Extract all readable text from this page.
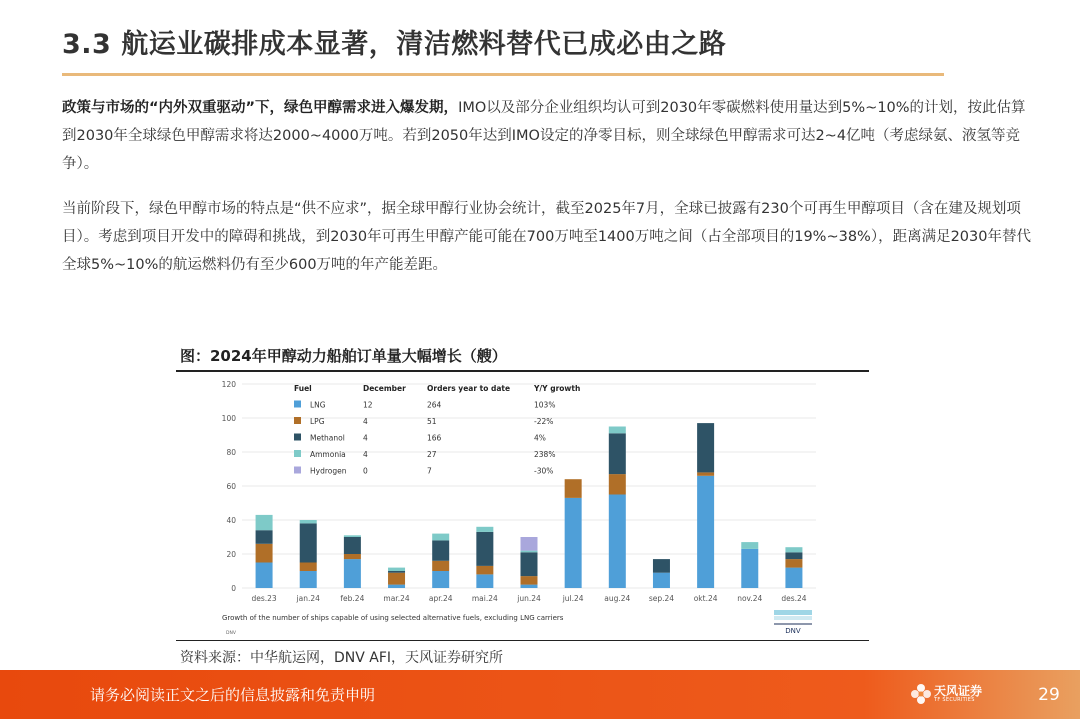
3.3 航运业碳排成本显著，清洁燃料替代已成必由之路
政策与市场的“内外双重驱动”下，绿色甲醇需求进入爆发期，IMO以及部分企业组织均认可到2030年零碳燃料使用量达到5%~10%的计划，按此估算到2030年全球绿色甲醇需求将达2000~4000万吨。若到2050年达到IMO设定的净零目标，则全球绿色甲醇需求可达2~4亿吨（考虑绿氨、液氢等竞争）。
当前阶段下，绿色甲醇市场的特点是“供不应求”，据全球甲醇行业协会统计，截至2025年7月，全球已披露有230个可再生甲醇项目（含在建及规划项目）。考虑到项目开发中的障碍和挑战，到2030年可再生甲醇产能可能在700万吨至1400万吨之间（占全部项目的19%~38%），距离满足2030年替代全球5%~10%的航运燃料仍有至少600万吨的年产能差距。
图：2024年甲醇动力船舶订单量大幅增长（艘）
0
20
40
60
80
100
120
des.23	jan.24	feb.24	mar.24	apr.24	mai.24	jun.24	jul.24	aug.24 sep.24	okt.24	nov.24	des.24
Fuel	December	Orders year to date	Y/Y growth
LNG	12	264	103%
LPG	4	51	-22%
Methanol 4	166	4%
Ammonia 4	27	238%
Hydrogen 0	7	-30%
Growth of the number of ships capable of using selected alternative fuels, excluding LNG carriers
DNV	DNV
资料来源：中华航运网，DNV AFI，天风证券研究所
请务必阅读正文之后的信息披露和免责申明	天风证券
TF SECURITIES	29
